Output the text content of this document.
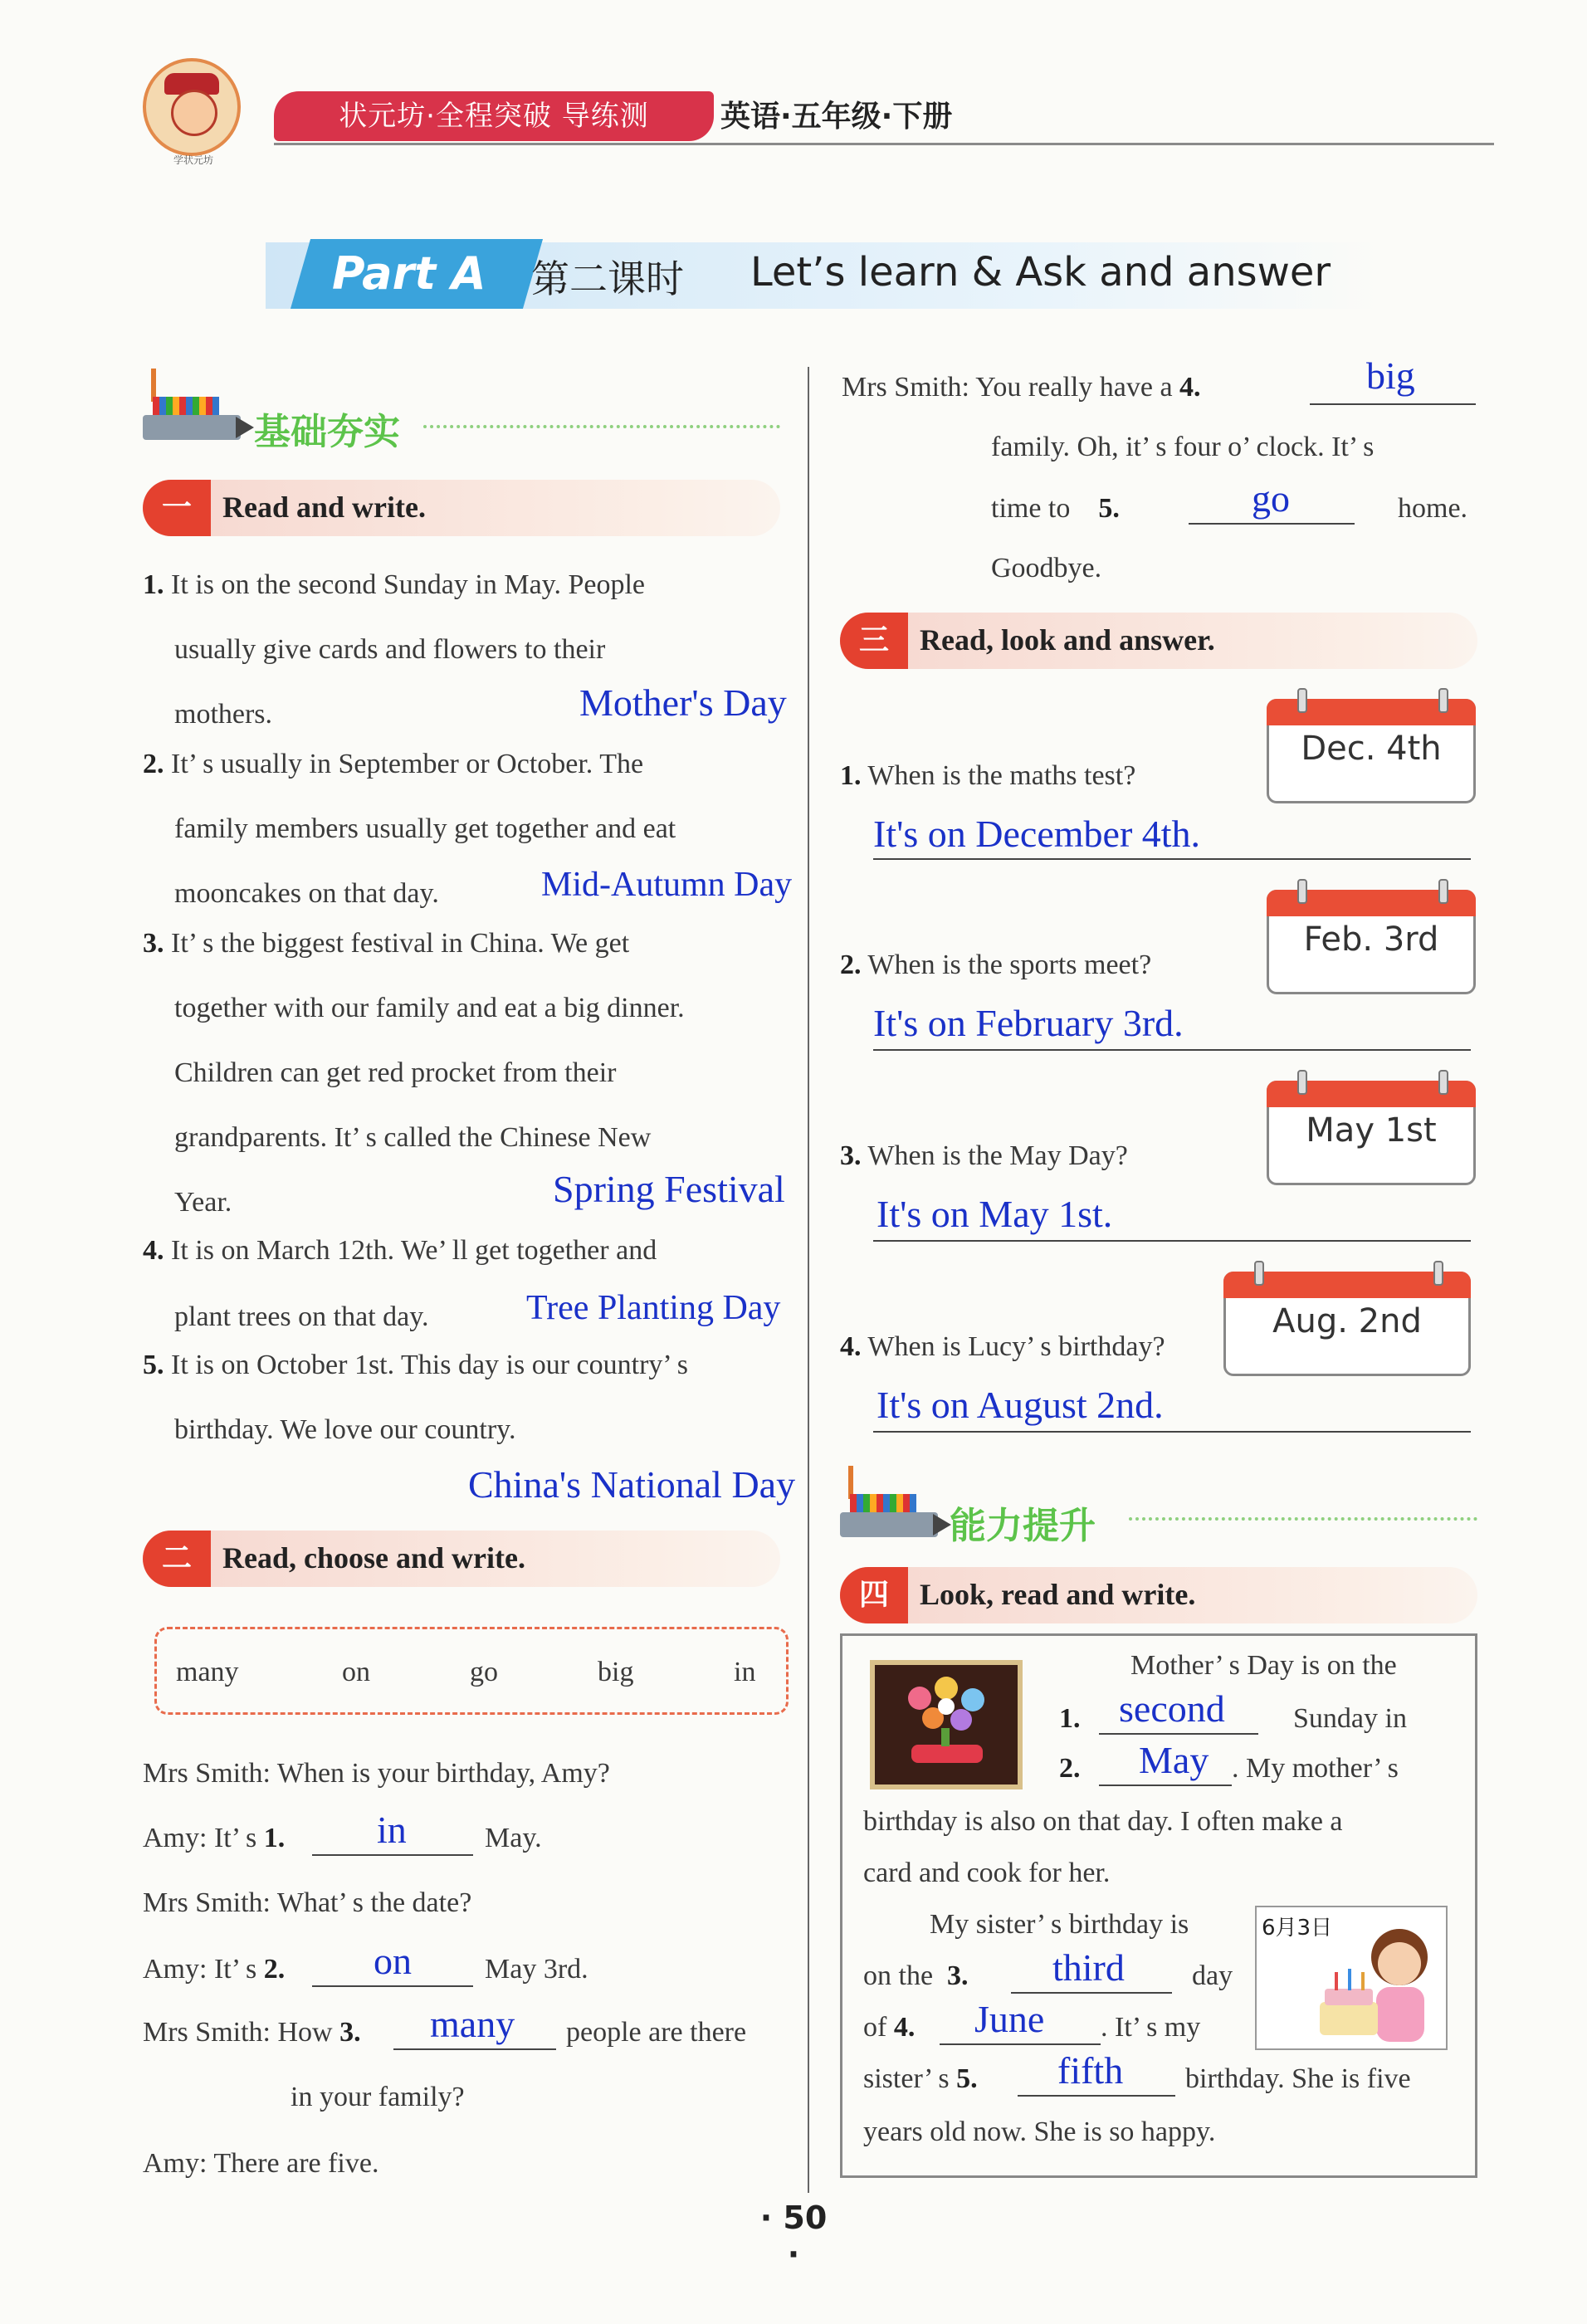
学状元坊
状元坊·全程突破 导练测	英语·五年级·下册
Part A	第二课时 Let’s learn & Ask and answer
基础夯实
一	Read and write.
1. It is on the second Sunday in May. People
usually give cards and flowers to their
mothers.	Mother's Day
2. It’ s usually in September or October. The
family members usually get together and eat
mooncakes on that day.	Mid-Autumn Day
3. It’ s the biggest festival in China. We get
together with our family and eat a big dinner.
Children can get red procket from their
grandparents. It’ s called the Chinese New
Year.	Spring Festival
4. It is on March 12th. We’ ll get together and
plant trees on that day.	Tree Planting Day
5. It is on October 1st. This day is our country’ s
birthday. We love our country.
China's National Day
二	Read, choose and write.
many	on	go	big	in
Mrs Smith: When is your birthday, Amy?
Amy: It’ s 1. in	May.
Mrs Smith: What’ s the date?
Amy: It’ s 2. on	May 3rd.
Mrs Smith: How 3. many people are there
in your family?
Amy: There are five.
Mrs Smith: You really have a 4.	big
family. Oh, it’ s four o’ clock. It’ s
time to 5.	go	home.
Goodbye.
三	Read, look and answer.
Dec. 4th
1. When is the maths test?
It's on December 4th.
Feb. 3rd
2. When is the sports meet?
It's on February 3rd.
May 1st
3. When is the May Day?
It's on May 1st.
Aug. 2nd
4. When is Lucy’ s birthday?
It's on August 2nd.
能力提升
四	Look, read and write.
Mother’ s Day is on the
1. second Sunday in
2. May . My mother’ s
birthday is also on that day. I often make a
card and cook for her.
My sister’ s birthday is
on the 3. third day
of 4. June . It’ s my
6月3日
sister’ s 5. fifth birthday. She is five
years old now. She is so happy.
· 50 ·
